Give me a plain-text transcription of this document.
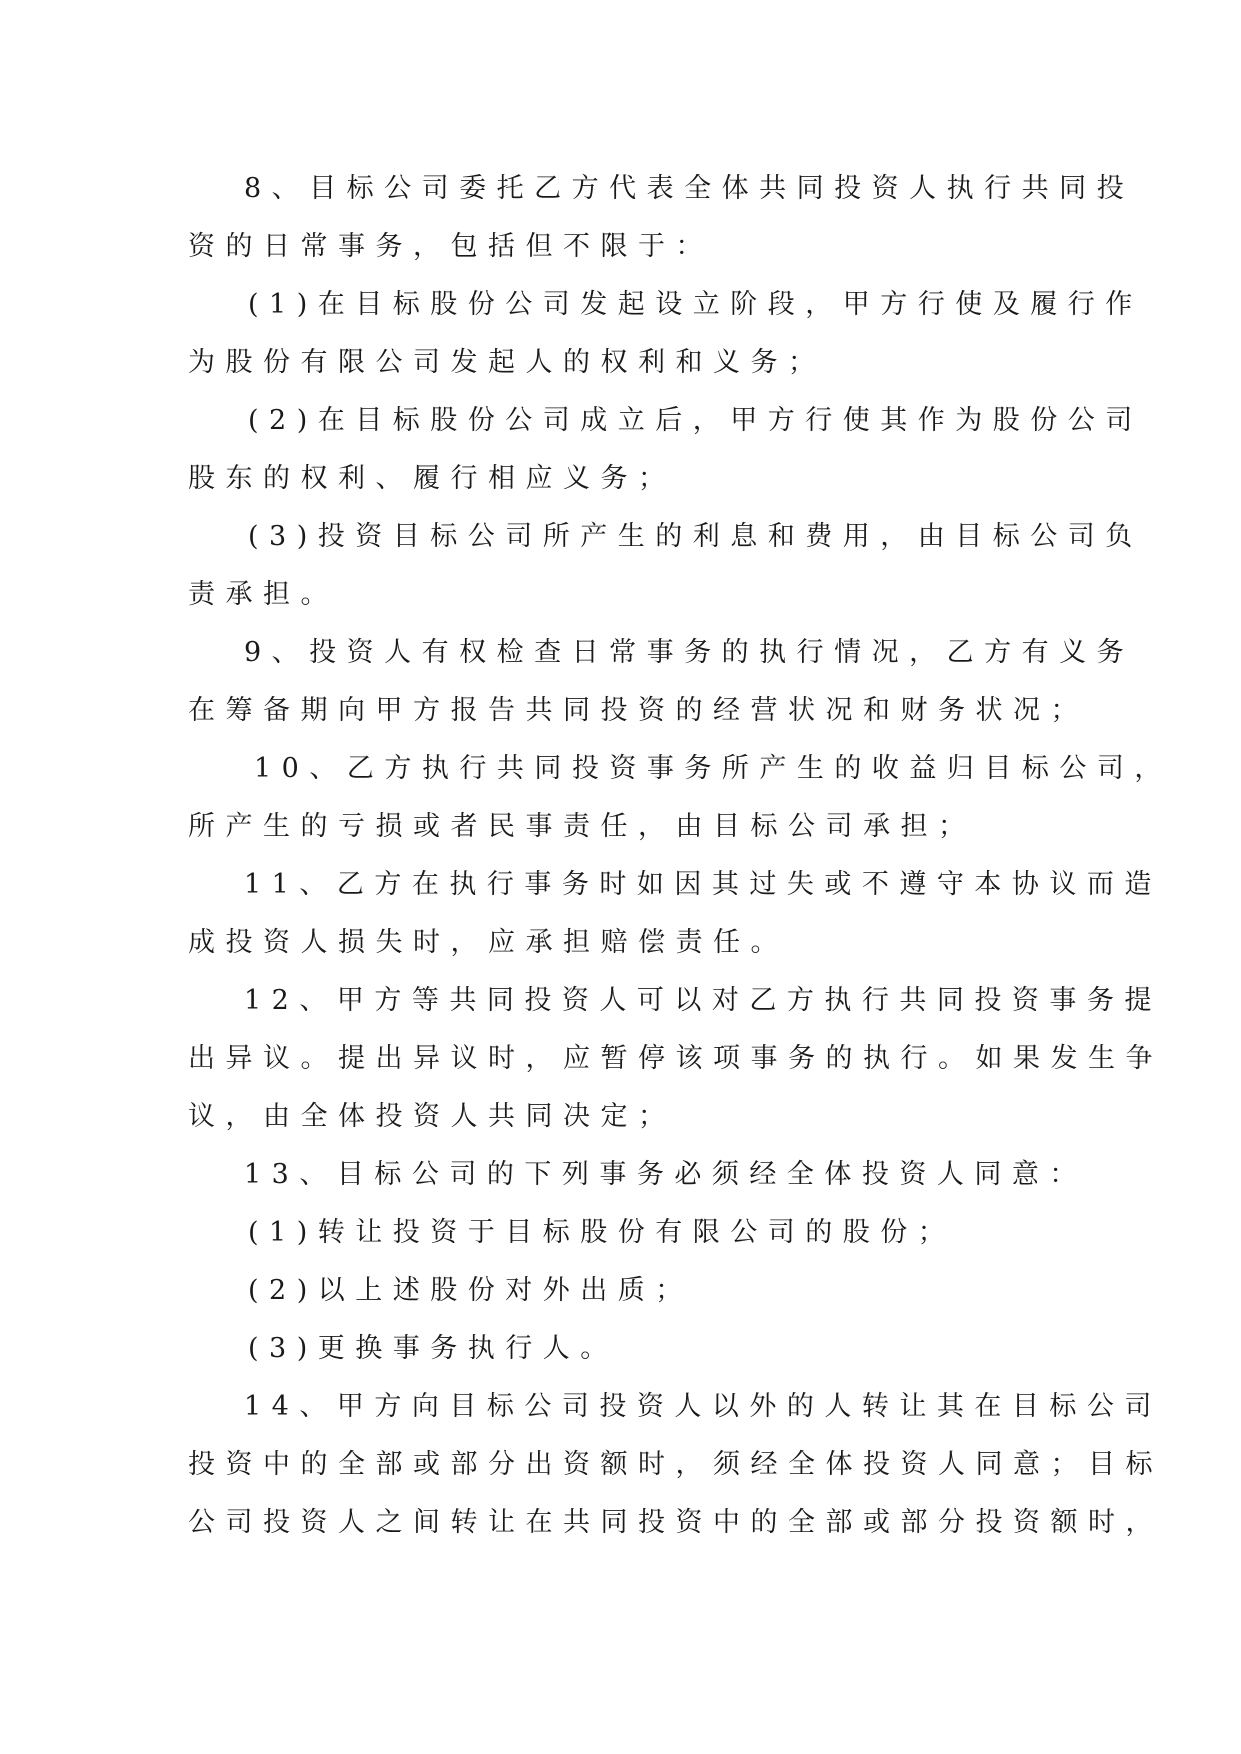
8、目标公司委托乙方代表全体共同投资人执行共同投
资的日常事务，包括但不限于：
(1)在目标股份公司发起设立阶段，甲方行使及履行作
为股份有限公司发起人的权利和义务；
(2)在目标股份公司成立后，甲方行使其作为股份公司
股东的权利、履行相应义务；
(3)投资目标公司所产生的利息和费用，由目标公司负
责承担。
9、投资人有权检查日常事务的执行情况，乙方有义务
在筹备期向甲方报告共同投资的经营状况和财务状况；
10、乙方执行共同投资事务所产生的收益归目标公司，
所产生的亏损或者民事责任，由目标公司承担；
11、乙方在执行事务时如因其过失或不遵守本协议而造
成投资人损失时，应承担赔偿责任。
12、甲方等共同投资人可以对乙方执行共同投资事务提
出异议。提出异议时，应暂停该项事务的执行。如果发生争
议，由全体投资人共同决定；
13、目标公司的下列事务必须经全体投资人同意：
(1)转让投资于目标股份有限公司的股份；
(2)以上述股份对外出质；
(3)更换事务执行人。
14、甲方向目标公司投资人以外的人转让其在目标公司
投资中的全部或部分出资额时，须经全体投资人同意；目标
公司投资人之间转让在共同投资中的全部或部分投资额时，
